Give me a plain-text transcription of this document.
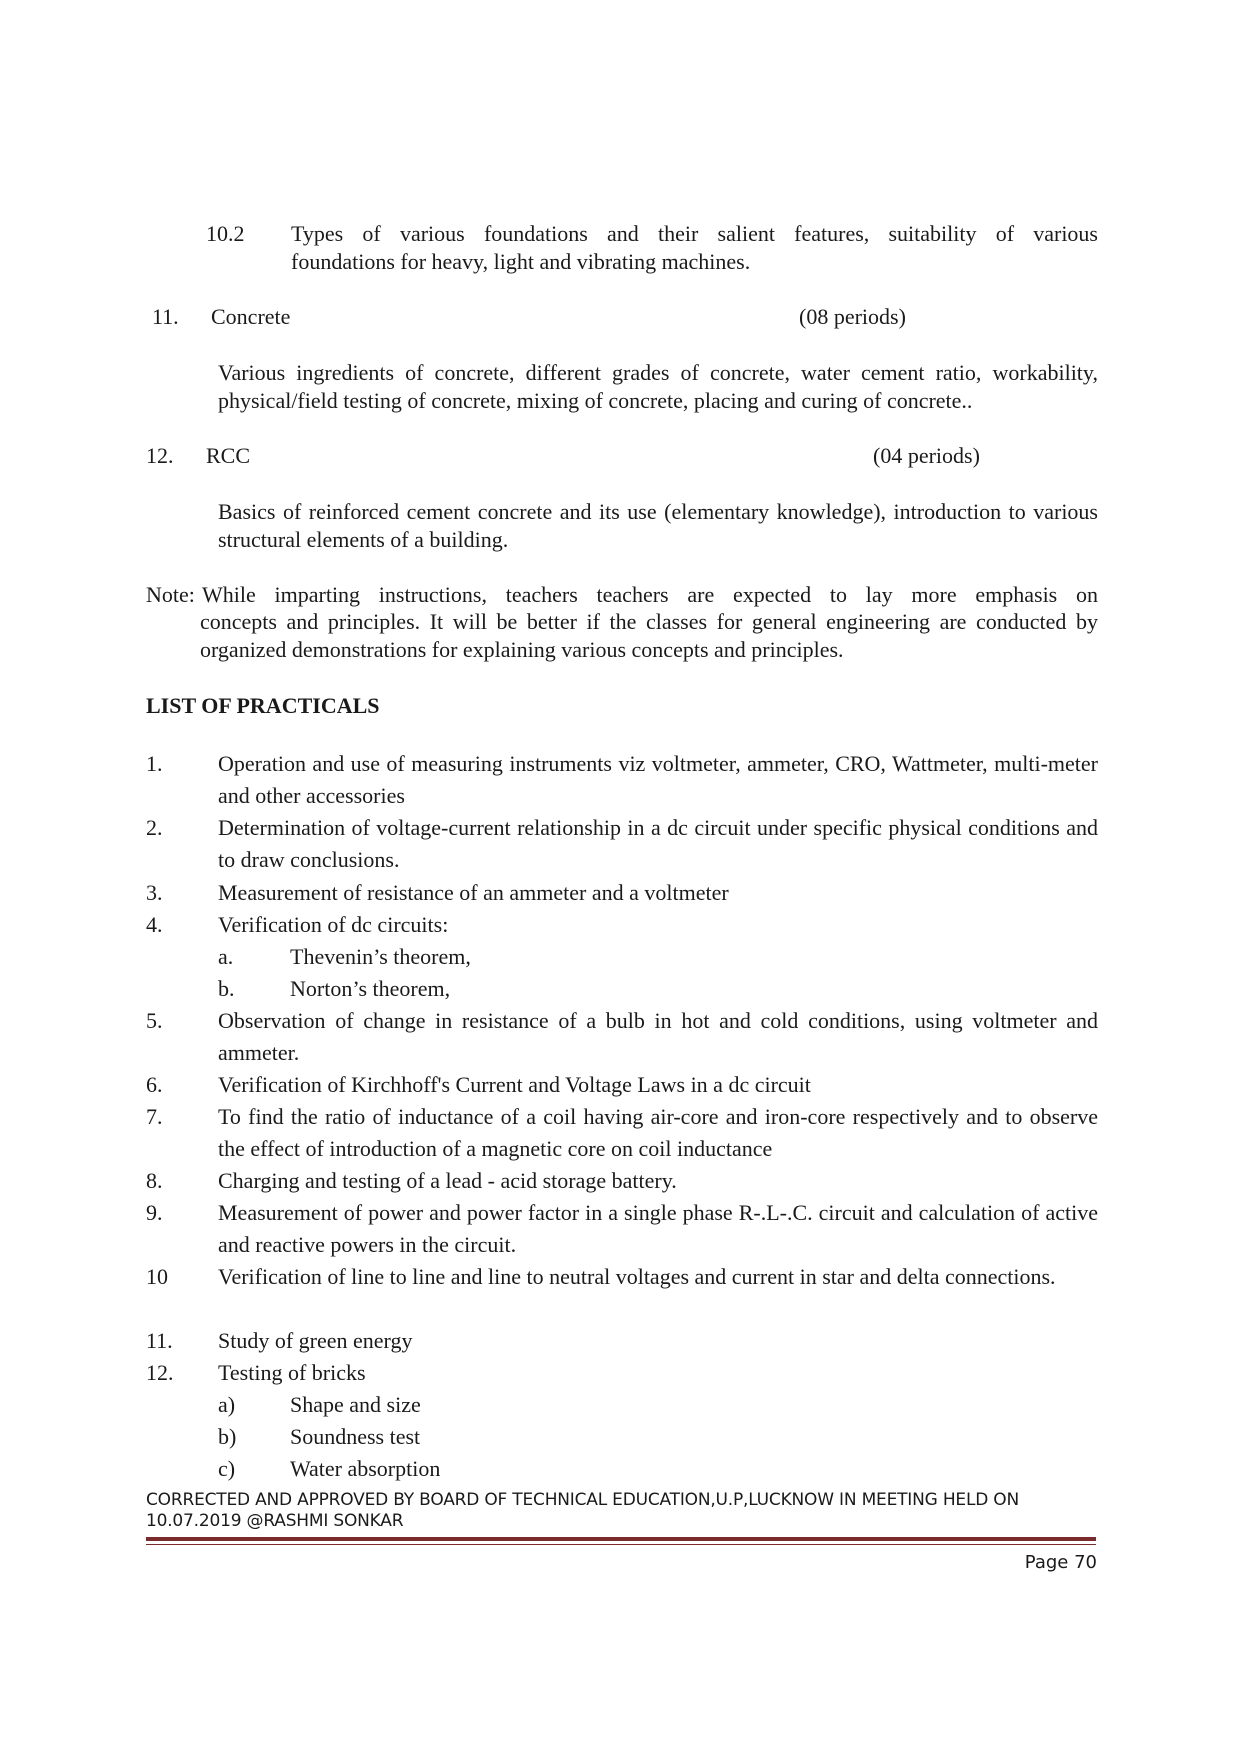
10.2 Types of various foundations and their salient features, suitability of various
foundations for heavy, light and vibrating machines.
11. Concrete	(08 periods)
Various ingredients of concrete, different grades of concrete, water cement ratio, workability, physical/field testing of concrete, mixing of concrete, placing and curing of concrete..
12. RCC	(04 periods)
Basics of reinforced cement concrete and its use (elementary knowledge), introduction to various structural elements of a building.
Note: While imparting instructions, teachers teachers are expected to lay more emphasis on
concepts and principles. It will be better if the classes for general engineering are conducted by organized demonstrations for explaining various concepts and principles.
LIST OF PRACTICALS
1.	Operation and use of measuring instruments viz voltmeter, ammeter, CRO, Wattmeter, multi-meter and other accessories
2.	Determination of voltage-current relationship in a dc circuit under specific physical conditions and to draw conclusions.
3.	Measurement of resistance of an ammeter and a voltmeter
4.	Verification of dc circuits:
a.	Thevenin’s theorem,
b.	Norton’s theorem,
5.	Observation of change in resistance of a bulb in hot and cold conditions, using voltmeter and ammeter.
6.	Verification of Kirchhoff's Current and Voltage Laws in a dc circuit
7.	To find the ratio of inductance of a coil having air-core and iron-core respectively and to observe the effect of introduction of a magnetic core on coil inductance
8.	Charging and testing of a lead - acid storage battery.
9.	Measurement of power and power factor in a single phase R-.L-.C. circuit and calculation of active and reactive powers in the circuit.
10 Verification of line to line and line to neutral voltages and current in star and delta connections.
11. Study of green energy
12. Testing of bricks
a) Shape and size
b) Soundness test
c) Water absorption
CORRECTED AND APPROVED BY BOARD OF TECHNICAL EDUCATION,U.P,LUCKNOW IN MEETING HELD ON
10.07.2019 @RASHMI SONKAR
Page 70
